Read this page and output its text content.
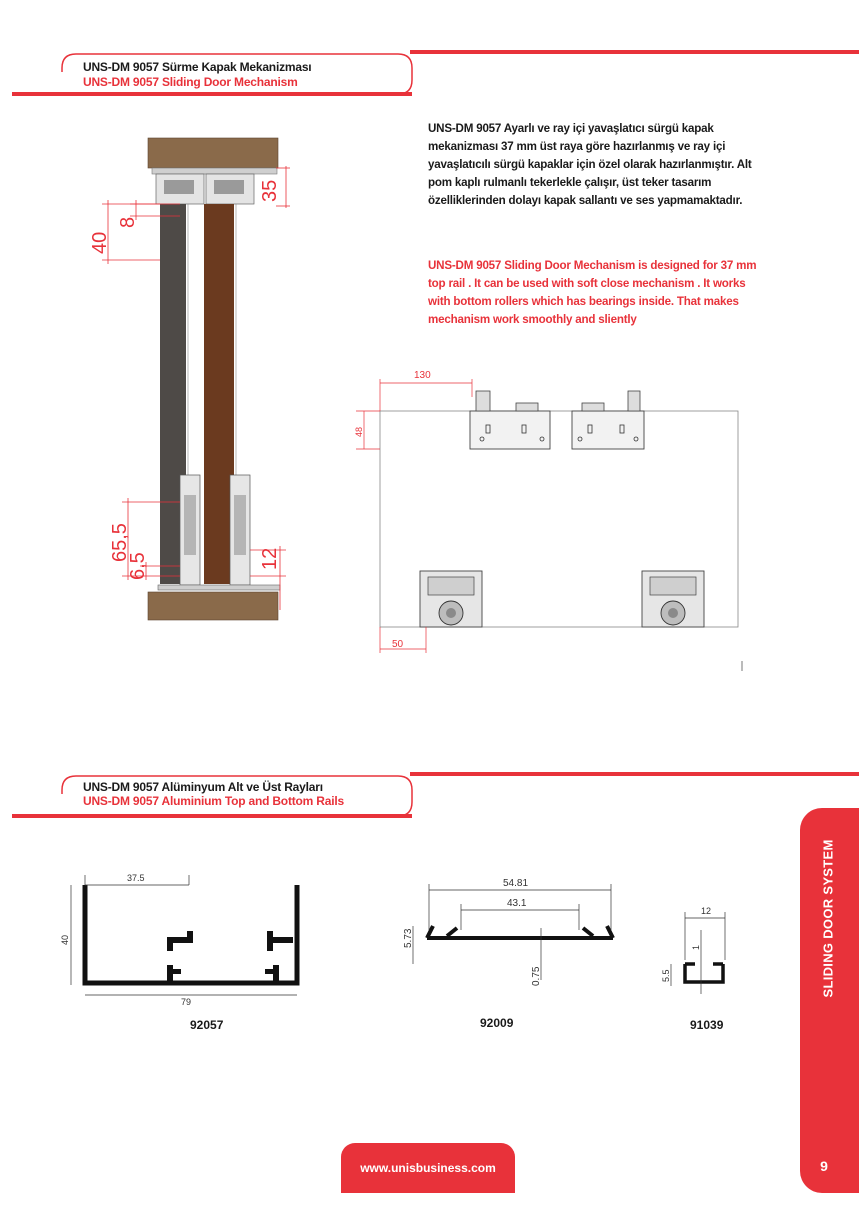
UNS-DM 9057 Sürme Kapak Mekanizması
UNS-DM 9057 Sliding Door Mechanism
UNS-DM 9057 Ayarlı ve ray içi yavaşlatıcı sürgü kapak mekanizması 37 mm üst raya göre hazırlanmış ve ray içi yavaşlatıcılı sürgü kapaklar için özel olarak hazırlanmıştır. Alt pom kaplı rulmanlı tekerlekle çalışır, üst teker tasarım özelliklerinden dolayı kapak sallantı ve ses yapmamaktadır.
UNS-DM 9057 Sliding Door Mechanism is designed for 37 mm top rail . It can be used with soft close mechanism . It works with bottom rollers which has bearings inside. That makes mechanism work smoothly and sliently
35
8
40
65,5
6,5	12
130
48
50
UNS-DM 9057 Alüminyum Alt ve Üst Rayları
UNS-DM 9057 Aluminium Top and Bottom Rails
37.5
40
79
92057
54.81
43.1
5.73
0.75
92009
12
5.5
1
91039
SLIDING DOOR SYSTEM
9
www.unisbusiness.com
